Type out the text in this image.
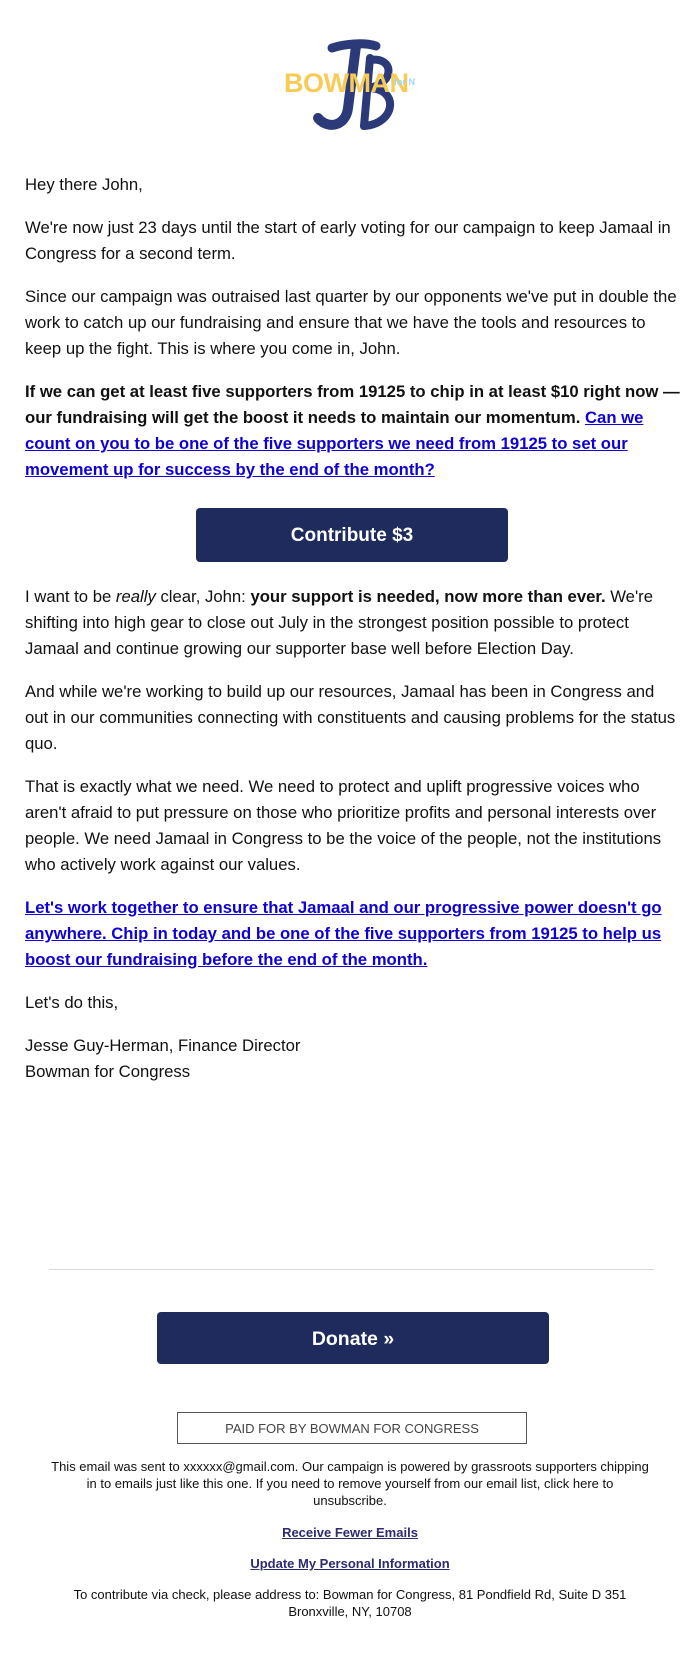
BOWMAN
for N

Hey there John,

We're now just 23 days until the start of early voting for our campaign to keep Jamaal in Congress for a second term.

Since our campaign was outraised last quarter by our opponents we've put in double the work to catch up our fundraising and ensure that we have the tools and resources to keep up the fight. This is where you come in, John.

If we can get at least five supporters from 19125 to chip in at least $10 right now — our fundraising will get the boost it needs to maintain our momentum. Can we count on you to be one of the five supporters we need from 19125 to set our movement up for success by the end of the month?

Contribute $3

I want to be really clear, John: your support is needed, now more than ever. We're shifting into high gear to close out July in the strongest position possible to protect Jamaal and continue growing our supporter base well before Election Day.

And while we're working to build up our resources, Jamaal has been in Congress and out in our communities connecting with constituents and causing problems for the status quo.

That is exactly what we need. We need to protect and uplift progressive voices who aren't afraid to put pressure on those who prioritize profits and personal interests over people. We need Jamaal in Congress to be the voice of the people, not the institutions who actively work against our values.

Let's work together to ensure that Jamaal and our progressive power doesn't go anywhere. Chip in today and be one of the five supporters from 19125 to help us boost our fundraising before the end of the month.

Let's do this,

Jesse Guy-Herman, Finance Director

Bowman for Congress

Donate »
PAID FOR BY BOWMAN FOR CONGRESS
This email was sent to xxxxxx@gmail.com. Our campaign is powered by grassroots supporters chipping in to emails just like this one. If you need to remove yourself from our email list, click here to unsubscribe.
Receive Fewer Emails
Update My Personal Information
To contribute via check, please address to: Bowman for Congress, 81 Pondfield Rd, Suite D 351 Bronxville, NY, 10708
